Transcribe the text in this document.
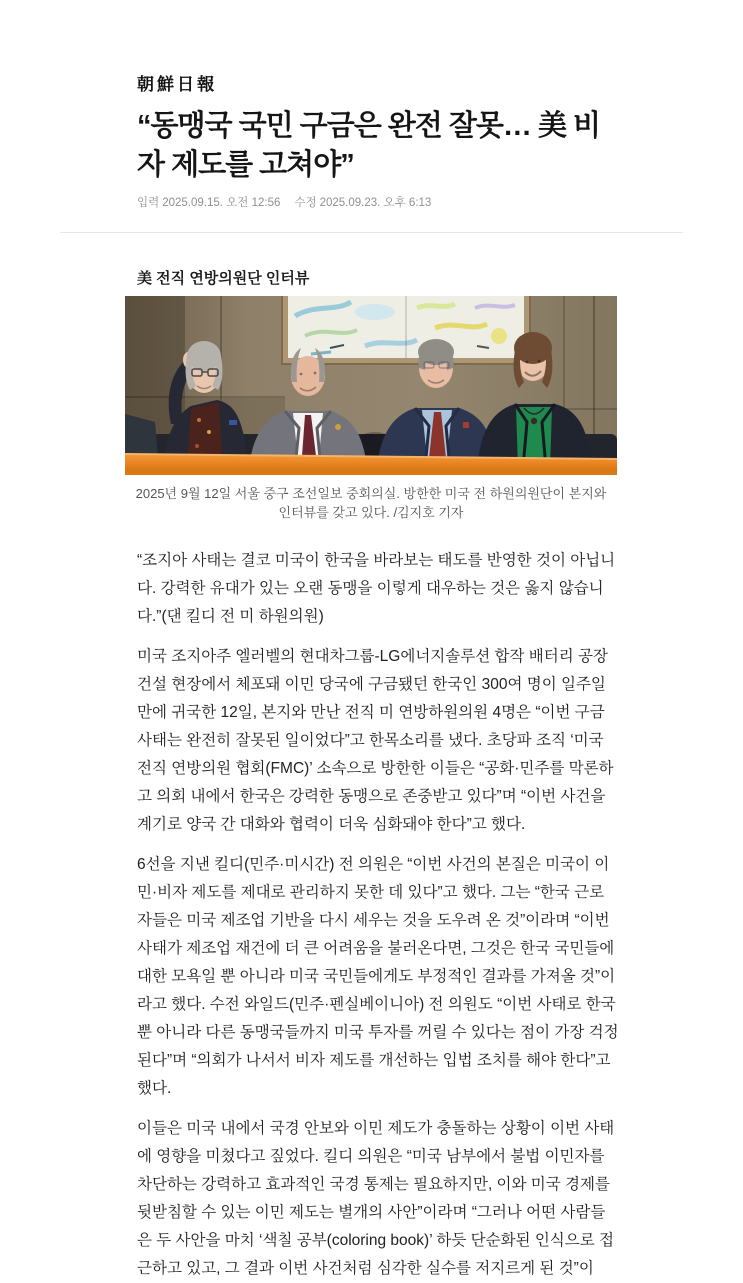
朝鮮日報
“동맹국 국민 구금은 완전 잘못… 美 비자 제도를 고쳐야”
입력 2025.09.15. 오전 12:56 수정 2025.09.23. 오후 6:13
美 전직 연방의원단 인터뷰
2025년 9월 12일 서울 중구 조선일보 중회의실. 방한한 미국 전 하원의원단이 본지와 인터뷰를 갖고 있다. /김지호 기자

“조지아 사태는 결코 미국이 한국을 바라보는 태도를 반영한 것이 아닙니다. 강력한 유대가 있는 오랜 동맹을 이렇게 대우하는 것은 옳지 않습니다.”(댄 킬디 전 미 하원의원)

미국 조지아주 엘러벨의 현대차그룹-LG에너지솔루션 합작 배터리 공장 건설 현장에서 체포돼 이민 당국에 구금됐던 한국인 300여 명이 일주일 만에 귀국한 12일, 본지와 만난 전직 미 연방하원의원 4명은 “이번 구금 사태는 완전히 잘못된 일이었다”고 한목소리를 냈다. 초당파 조직 ‘미국 전직 연방의원 협회(FMC)’ 소속으로 방한한 이들은 “공화·민주를 막론하고 의회 내에서 한국은 강력한 동맹으로 존중받고 있다”며 “이번 사건을 계기로 양국 간 대화와 협력이 더욱 심화돼야 한다”고 했다.

6선을 지낸 킬디(민주·미시간) 전 의원은 “이번 사건의 본질은 미국이 이민·비자 제도를 제대로 관리하지 못한 데 있다”고 했다. 그는 “한국 근로자들은 미국 제조업 기반을 다시 세우는 것을 도우려 온 것”이라며 “이번 사태가 제조업 재건에 더 큰 어려움을 불러온다면, 그것은 한국 국민들에 대한 모욕일 뿐 아니라 미국 국민들에게도 부정적인 결과를 가져올 것”이라고 했다. 수전 와일드(민주·펜실베이니아) 전 의원도 “이번 사태로 한국뿐 아니라 다른 동맹국들까지 미국 투자를 꺼릴 수 있다는 점이 가장 걱정된다”며 “의회가 나서서 비자 제도를 개선하는 입법 조치를 해야 한다”고 했다.

이들은 미국 내에서 국경 안보와 이민 제도가 충돌하는 상황이 이번 사태에 영향을 미쳤다고 짚었다. 킬디 의원은 “미국 남부에서 불법 이민자를 차단하는 강력하고 효과적인 국경 통제는 필요하지만, 이와 미국 경제를 뒷받침할 수 있는 이민 제도는 별개의 사안”이라며 “그러나 어떤 사람들은 두 사안을 마치 ‘색칠 공부(coloring book)’ 하듯 단순화된 인식으로 접근하고 있고, 그 결과 이번 사건처럼 심각한 실수를 저지르게 된 것”이
